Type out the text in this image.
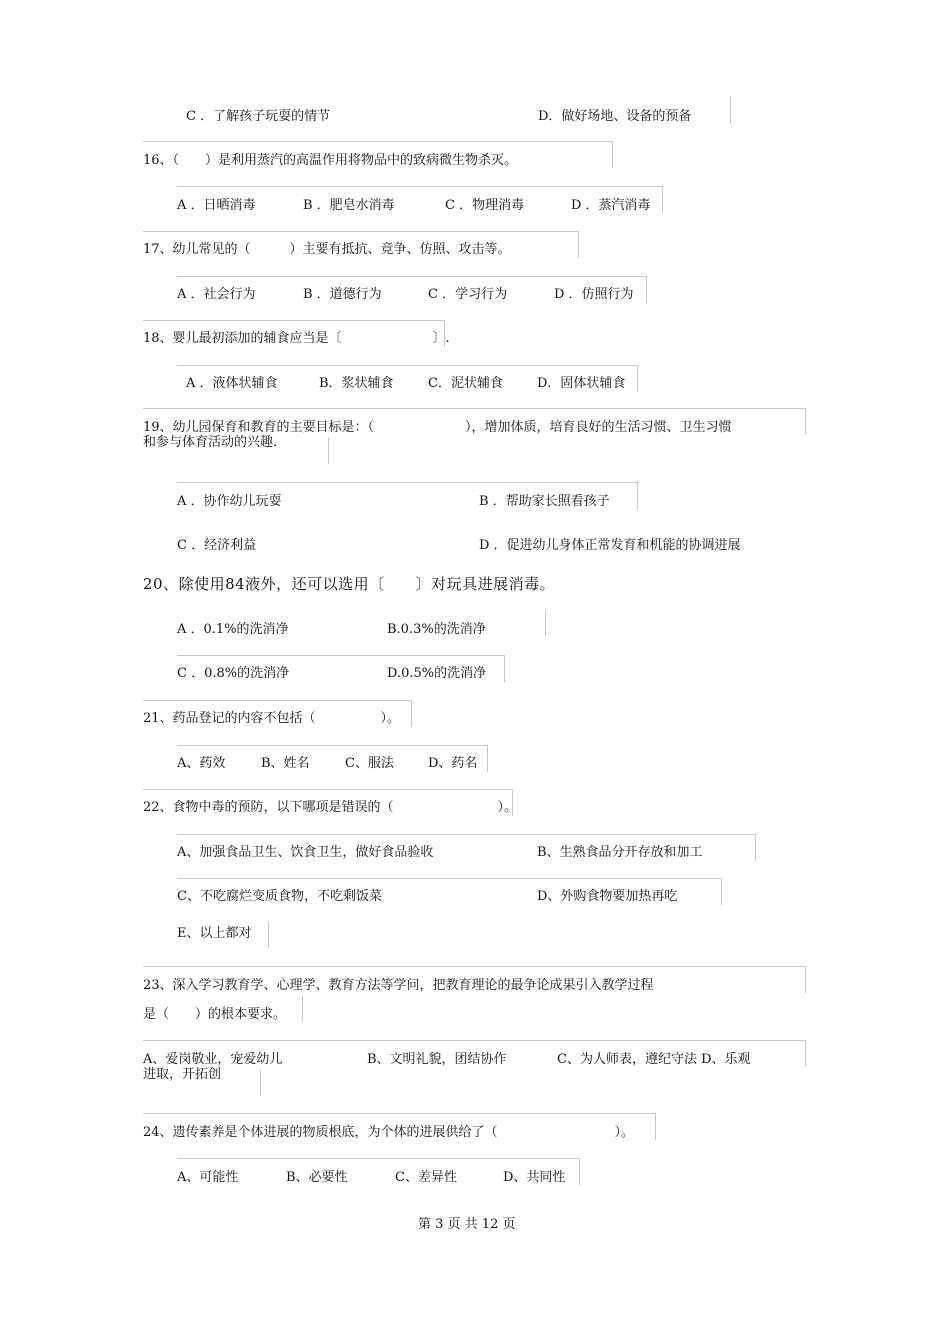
C ．了解孩子玩耍的情节	D．做好场地、设备的预备
16、（　　）是利用蒸汽的高温作用将物品中的致病微生物杀灭。
A ．日晒消毒	B ．肥皂水消毒	C ．物理消毒	D ．蒸汽消毒
17、幼儿常见的（　　　）主要有抵抗、竞争、仿照、攻击等。
A ．社会行为	B ．道德行为	C ．学习行为	D ．仿照行为
18、婴儿最初添加的辅食应当是〔　　　　　　　〕.
A ．液体状辅食	B．浆状辅食	C．泥状辅食	D．固体状辅食
19、幼儿园保育和教育的主要目标是：（　　　　　　　），增加体质，培育良好的生活习惯、卫生习惯
和参与体育活动的兴趣．
A ．协作幼儿玩耍	B ．帮助家长照看孩子
C ．经济利益	D ．促进幼儿身体正常发育和机能的协调进展
20、除使用84液外，还可以选用〔　　〕对玩具进展消毒。
A ．0.1%的洗消净	B.0.3%的洗消净
C ．0.8%的洗消净	D.0.5%的洗消净
21、药品登记的内容不包括（　　　　　）。
A、药效	B、姓名	C、服法	D、药名
22、食物中毒的预防，以下哪项是错误的（　　　　　　　　）。
A、加强食品卫生、饮食卫生，做好食品验收	B、生熟食品分开存放和加工
C、不吃腐烂变质食物，不吃剩饭菜	D、外购食物要加热再吃
E、以上都对
23、深入学习教育学、心理学、教育方法等学问，把教育理论的最争论成果引入教学过程
是（　　）的根本要求。
A、爱岗敬业，宠爱幼儿	B、文明礼貌，团结协作	C、为人师表，遵纪守法 D、乐观
进取，开拓创
24、遗传素养是个体进展的物质根底，为个体的进展供给了（　　　　　　　　　）。
A、可能性	B、必要性	C、差异性	D、共同性
第 3 页 共 12 页
